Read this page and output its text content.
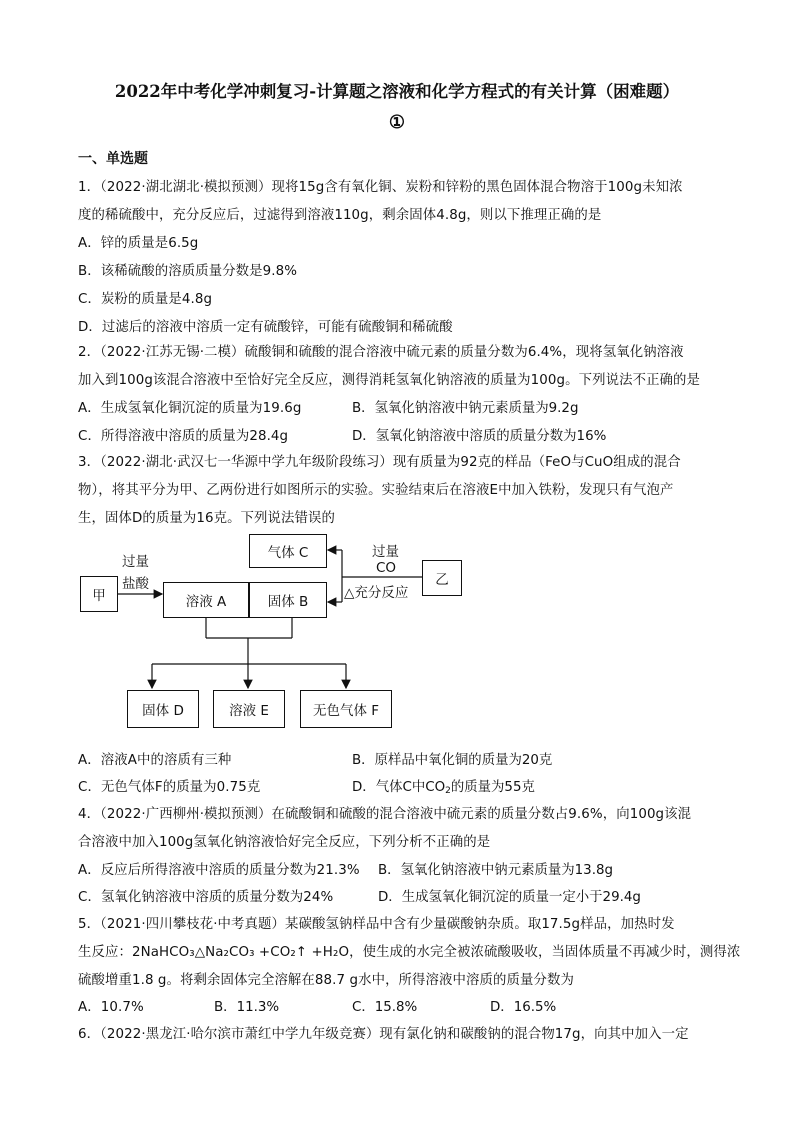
2022年中考化学冲刺复习-计算题之溶液和化学方程式的有关计算（困难题）
①
一、单选题
1．（2022·湖北湖北·模拟预测）现将15g含有氧化铜、炭粉和锌粉的黑色固体混合物溶于100g未知浓
度的稀硫酸中，充分反应后，过滤得到溶液110g，剩余固体4.8g，则以下推理正确的是
A．锌的质量是6.5g
B．该稀硫酸的溶质质量分数是9.8%
C．炭粉的质量是4.8g
D．过滤后的溶液中溶质一定有硫酸锌，可能有硫酸铜和稀硫酸
2．（2022·江苏无锡·二模）硫酸铜和硫酸的混合溶液中硫元素的质量分数为6.4%，现将氢氧化钠溶液
加入到100g该混合溶液中至恰好完全反应，测得消耗氢氧化钠溶液的质量为100g。下列说法不正确的是
A．生成氢氧化铜沉淀的质量为19.6g	B．氢氧化钠溶液中钠元素质量为9.2g
C．所得溶液中溶质的质量为28.4g	D．氢氧化钠溶液中溶质的质量分数为16%
3．（2022·湖北·武汉七一华源中学九年级阶段练习）现有质量为92克的样品（FeO与CuO组成的混合
物），将其平分为甲、乙两份进行如图所示的实验。实验结束后在溶液E中加入铁粉，发现只有气泡产
生，固体D的质量为16克。下列说法错误的
甲	溶液 A
气体 C
固体 B
乙
固体 D	溶液 E	无色气体 F
过量
盐酸
过量
CO
△充分反应
A．溶液A中的溶质有三种	B．原样品中氧化铜的质量为20克
C．无色气体F的质量为0.75克	D．气体C中$CO_2$的质量为55克
4．（2022·广西柳州·模拟预测）在硫酸铜和硫酸的混合溶液中硫元素的质量分数占9.6%，向100g该混
合溶液中加入100g氢氧化钠溶液恰好完全反应，下列分析不正确的是
A．反应后所得溶液中溶质的质量分数为21.3% B．氢氧化钠溶液中钠元素质量为13.8g
C．氢氧化钠溶液中溶质的质量分数为24%	D．生成氢氧化铜沉淀的质量一定小于29.4g
5．（2021·四川攀枝花·中考真题）某碳酸氢钠样品中含有少量碳酸钠杂质。取17.5g样品，加热时发
生反应：2NaHCO₃△Na₂CO₃ +CO₂↑ +H₂O，使生成的水完全被浓硫酸吸收，当固体质量不再减少时，测得浓
硫酸增重1.8 g。将剩余固体完全溶解在88.7 g水中，所得溶液中溶质的质量分数为
A．10.7%	B．11.3%	C．15.8%	D．16.5%
6．（2022·黑龙江·哈尔滨市萧红中学九年级竞赛）现有氯化钠和碳酸钠的混合物17g，向其中加入一定
